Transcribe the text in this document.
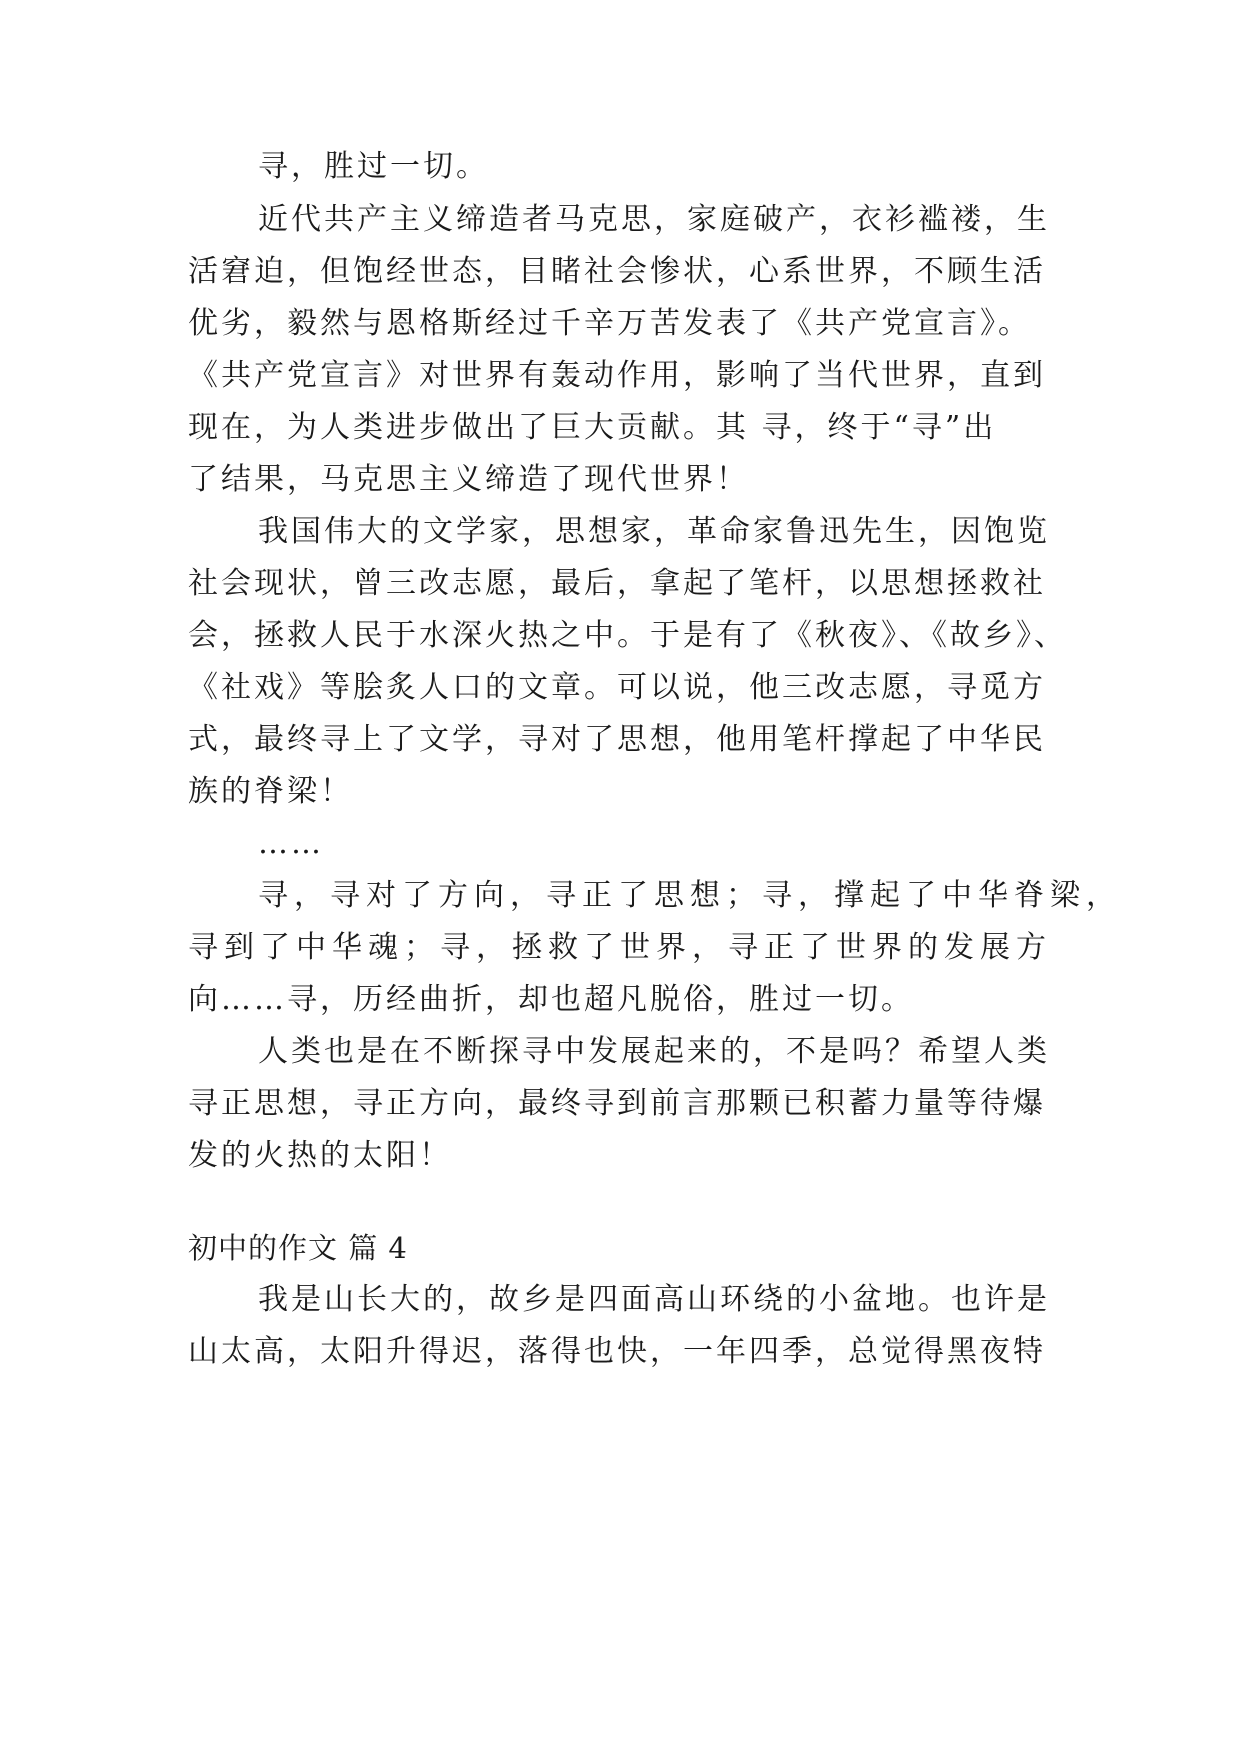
寻，胜过一切。
近代共产主义缔造者马克思，家庭破产，衣衫褴褛，生
活窘迫，但饱经世态，目睹社会惨状，心系世界，不顾生活
优劣，毅然与恩格斯经过千辛万苦发表了《共产党宣言》。
《共产党宣言》对世界有轰动作用，影响了当代世界，直到
现在，为人类进步做出了巨大贡献。其 寻，终于“寻”出
了结果，马克思主义缔造了现代世界！
我国伟大的文学家，思想家，革命家鲁迅先生，因饱览
社会现状，曾三改志愿，最后，拿起了笔杆，以思想拯救社
会，拯救人民于水深火热之中。于是有了《秋夜》、《故乡》、
《社戏》等脍炙人口的文章。可以说，他三改志愿，寻觅方
式，最终寻上了文学，寻对了思想，他用笔杆撑起了中华民
族的脊梁！
……
寻，寻对了方向，寻正了思想；寻，撑起了中华脊梁，
寻到了中华魂；寻，拯救了世界，寻正了世界的发展方
向……寻，历经曲折，却也超凡脱俗，胜过一切。
人类也是在不断探寻中发展起来的，不是吗？希望人类
寻正思想，寻正方向，最终寻到前言那颗已积蓄力量等待爆
发的火热的太阳！
初中的作文 篇 4
我是山长大的，故乡是四面高山环绕的小盆地。也许是
山太高，太阳升得迟，落得也快，一年四季，总觉得黑夜特
